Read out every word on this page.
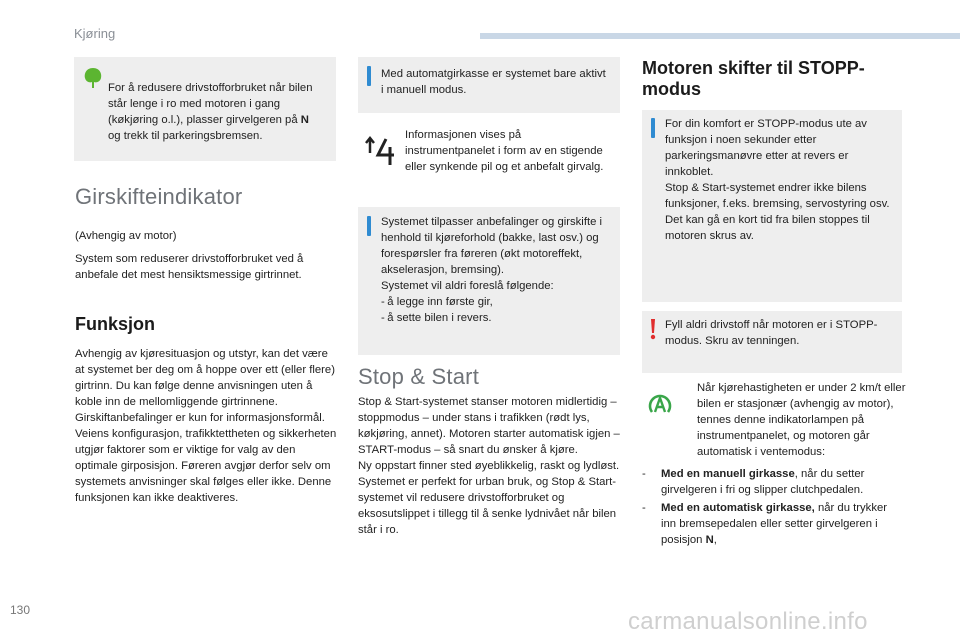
Kjøring

For å redusere drivstofforbruket når bilen står lenge i ro med motoren i gang (køkjøring o.l.), plasser girvelgeren på N
og trekk til parkeringsbremsen.

Girskifteindikator
(Avhengig av motor)
System som reduserer drivstofforbruket ved å anbefale det mest hensiktsmessige girtrinnet.
Funksjon
Avhengig av kjøresituasjon og utstyr, kan det være at systemet ber deg om å hoppe over ett (eller flere) girtrinn. Du kan følge denne anvisningen uten å koble inn de mellomliggende girtrinnene.
Girskiftanbefalinger er kun for informasjonsformål. Veiens konfigurasjon, trafikktettheten og sikkerheten utgjør faktorer som er viktige for valg av den optimale girposisjon. Føreren avgjør derfor selv om systemets anvisninger skal følges eller ikke. Denne funksjonen kan ikke deaktiveres.
Med automatgirkasse er systemet bare aktivt i manuell modus.
Informasjonen vises på instrumentpanelet i form av en stigende eller synkende pil og et anbefalt girvalg.
Systemet tilpasser anbefalinger og girskifte i henhold til kjøreforhold (bakke, last osv.) og forespørsler fra føreren (økt motoreffekt, akselerasjon, bremsing).
Systemet vil aldri foreslå følgende:
-	å legge inn første gir,
-	å sette bilen i revers.
Stop & Start
Stop & Start-systemet stanser motoren midlertidig – stoppmodus – under stans i trafikken (rødt lys, køkjøring, annet). Motoren starter automatisk igjen – START-modus – så snart du ønsker å kjøre.
Ny oppstart finner sted øyeblikkelig, raskt og lydløst.
Systemet er perfekt for urban bruk, og Stop & Start-systemet vil redusere drivstofforbruket og eksosutslippet i tillegg til å senke lydnivået når bilen står i ro.
Motoren skifter til STOPP-
modus
For din komfort er STOPP-modus ute av funksjon i noen sekunder etter parkeringsmanøvre etter at revers er innkoblet.
Stop & Start-systemet endrer ikke bilens funksjoner, f.eks. bremsing, servostyring osv.
Det kan gå en kort tid fra bilen stoppes til motoren skrus av.
Fyll aldri drivstoff når motoren er i STOPP-modus. Skru av tenningen.
Når kjørehastigheten er under 2 km/t eller bilen er stasjonær (avhengig av motor), tennes denne indikatorlampen på instrumentpanelet, og motoren går automatisk i ventemodus:
-	Med en manuell girkasse, når du setter girvelgeren i fri og slipper clutchpedalen.
-	Med en automatisk girkasse, når du trykker inn bremsepedalen eller setter girvelgeren i posisjon N,
130	carmanualsonline.info
